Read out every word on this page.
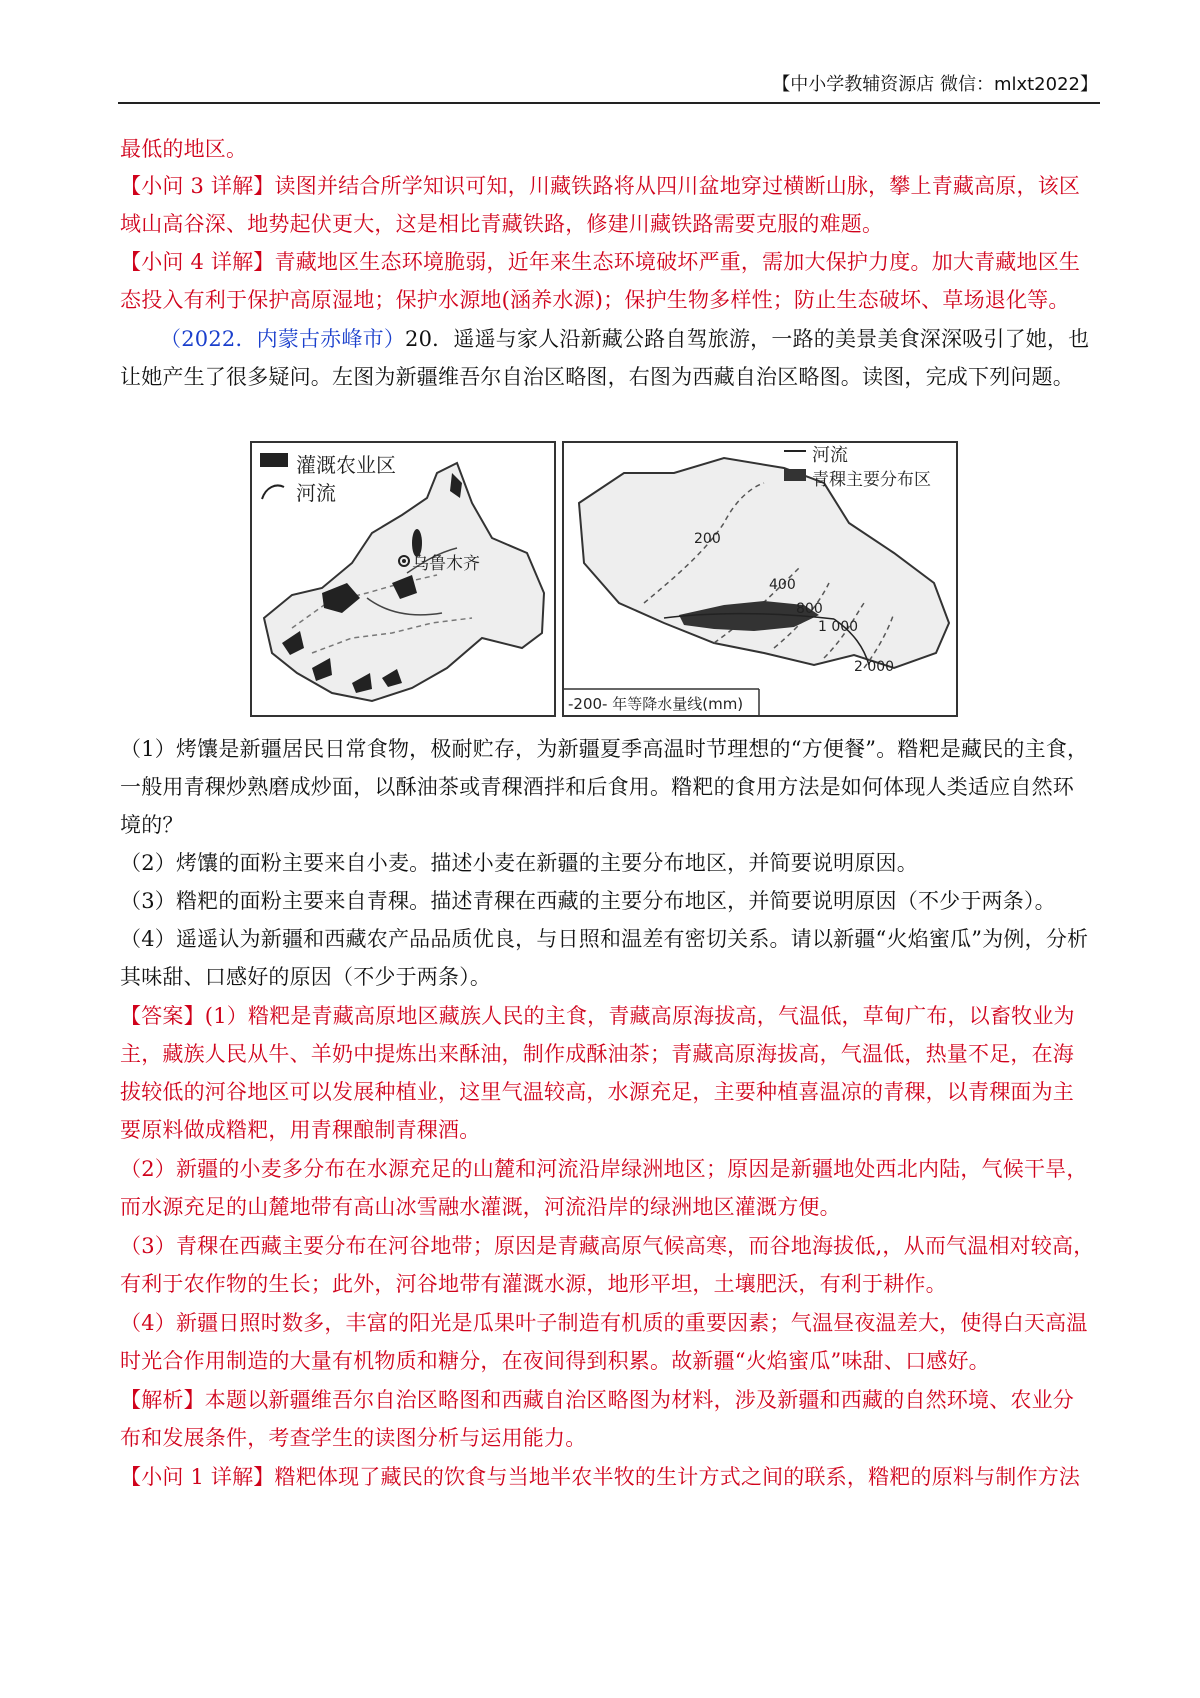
【中小学教辅资源店 微信：mlxt2022】
最低的地区。
【小问 3 详解】读图并结合所学知识可知，川藏铁路将从四川盆地穿过横断山脉，攀上青藏高原，该区
域山高谷深、地势起伏更大，这是相比青藏铁路，修建川藏铁路需要克服的难题。
【小问 4 详解】青藏地区生态环境脆弱，近年来生态环境破坏严重，需加大保护力度。加大青藏地区生
态投入有利于保护高原湿地；保护水源地(涵养水源)；保护生物多样性；防止生态破坏、草场退化等。
（2022．内蒙古赤峰市）20．遥遥与家人沿新藏公路自驾旅游，一路的美景美食深深吸引了她，也
让她产生了很多疑问。左图为新疆维吾尔自治区略图，右图为西藏自治区略图。读图，完成下列问题。
灌溉农业区
河流
乌鲁木齐
河流
青稞主要分布区
200
400
800
1 000
2 000
-200- 年等降水量线(mm)
（1）烤馕是新疆居民日常食物，极耐贮存，为新疆夏季高温时节理想的“方便餐”。糌粑是藏民的主食，
一般用青稞炒熟磨成炒面，以酥油茶或青稞酒拌和后食用。糌粑的食用方法是如何体现人类适应自然环
境的？
（2）烤馕的面粉主要来自小麦。描述小麦在新疆的主要分布地区，并简要说明原因。
（3）糌粑的面粉主要来自青稞。描述青稞在西藏的主要分布地区，并简要说明原因（不少于两条）。
（4）遥遥认为新疆和西藏农产品品质优良，与日照和温差有密切关系。请以新疆“火焰蜜瓜”为例，分析
其味甜、口感好的原因（不少于两条）。
【答案】(1）糌粑是青藏高原地区藏族人民的主食，青藏高原海拔高，气温低，草甸广布，以畜牧业为
主，藏族人民从牛、羊奶中提炼出来酥油，制作成酥油茶；青藏高原海拔高，气温低，热量不足，在海
拔较低的河谷地区可以发展种植业，这里气温较高，水源充足，主要种植喜温凉的青稞，以青稞面为主
要原料做成糌粑，用青稞酿制青稞酒。
（2）新疆的小麦多分布在水源充足的山麓和河流沿岸绿洲地区；原因是新疆地处西北内陆，气候干旱，
而水源充足的山麓地带有高山冰雪融水灌溉，河流沿岸的绿洲地区灌溉方便。
（3）青稞在西藏主要分布在河谷地带；原因是青藏高原气候高寒，而谷地海拔低,，从而气温相对较高，
有利于农作物的生长；此外，河谷地带有灌溉水源，地形平坦，土壤肥沃，有利于耕作。
（4）新疆日照时数多，丰富的阳光是瓜果叶子制造有机质的重要因素；气温昼夜温差大，使得白天高温
时光合作用制造的大量有机物质和糖分，在夜间得到积累。故新疆“火焰蜜瓜”味甜、口感好。
【解析】本题以新疆维吾尔自治区略图和西藏自治区略图为材料，涉及新疆和西藏的自然环境、农业分
布和发展条件，考查学生的读图分析与运用能力。
【小问 1 详解】糌粑体现了藏民的饮食与当地半农半牧的生计方式之间的联系，糌粑的原料与制作方法
